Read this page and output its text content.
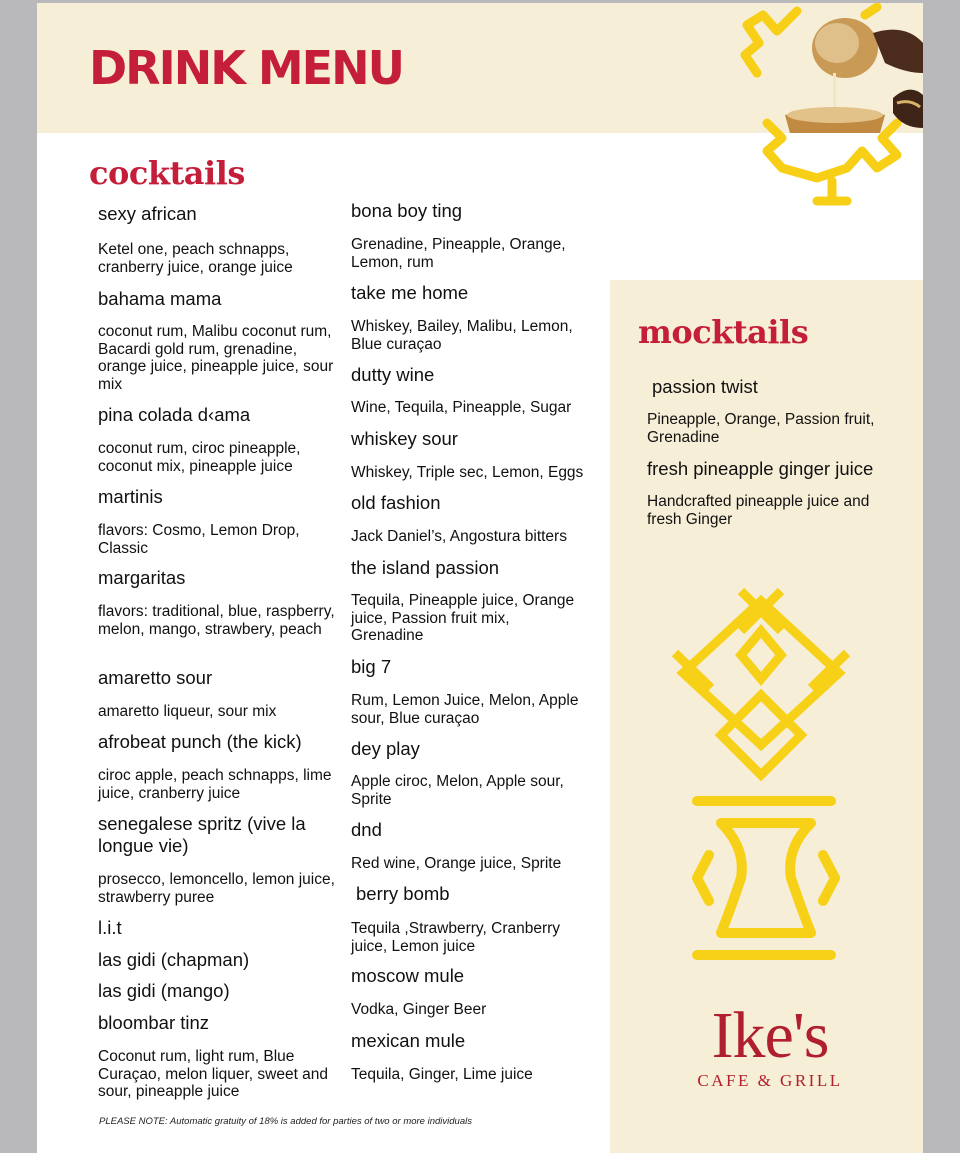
DRINK MENU
cocktails

sexy african

Ketel one, peach schnapps, cranberry juice, orange juice

bahama mama

coconut rum, Malibu coconut rum, Bacardi gold rum, grenadine, orange juice, pineapple juice, sour mix

pina colada d‹ama

coconut rum, ciroc pineapple, coconut mix, pineapple juice

martinis

flavors: Cosmo, Lemon Drop, Classic

margaritas

flavors: traditional, blue, raspberry, melon, mango, strawbery, peach

amaretto sour

amaretto liqueur, sour mix

afrobeat punch (the kick)

ciroc apple, peach schnapps, lime juice, cranberry juice

senegalese spritz (vive la longue vie)

prosecco, lemoncello, lemon juice, strawberry puree

l.i.t

las gidi (chapman)

las gidi (mango)

bloombar tinz

Coconut rum, light rum, Blue Curaçao, melon liquer, sweet and sour, pineapple juice

bona boy ting

Grenadine, Pineapple, Orange, Lemon, rum

take me home

Whiskey, Bailey, Malibu, Lemon, Blue curaçao

dutty wine

Wine, Tequila, Pineapple, Sugar

whiskey sour

Whiskey, Triple sec, Lemon, Eggs

old fashion

Jack Daniel’s, Angostura bitters

the island passion

Tequila, Pineapple juice, Orange juice, Passion fruit mix, Grenadine

big 7

Rum, Lemon Juice, Melon, Apple sour, Blue curaçao

dey play

Apple ciroc, Melon, Apple sour, Sprite

dnd

Red wine, Orange juice, Sprite

berry bomb

Tequila ,Strawberry, Cranberry juice, Lemon juice

moscow mule

Vodka, Ginger Beer

mexican mule

Tequila, Ginger, Lime juice

mocktails

passion twist

Pineapple, Orange, Passion fruit, Grenadine

fresh pineapple ginger juice

Handcrafted pineapple juice and fresh Ginger

Ike's
CAFE & GRILL
PLEASE NOTE: Automatic gratuity of 18% is added for parties of two or more individuals
